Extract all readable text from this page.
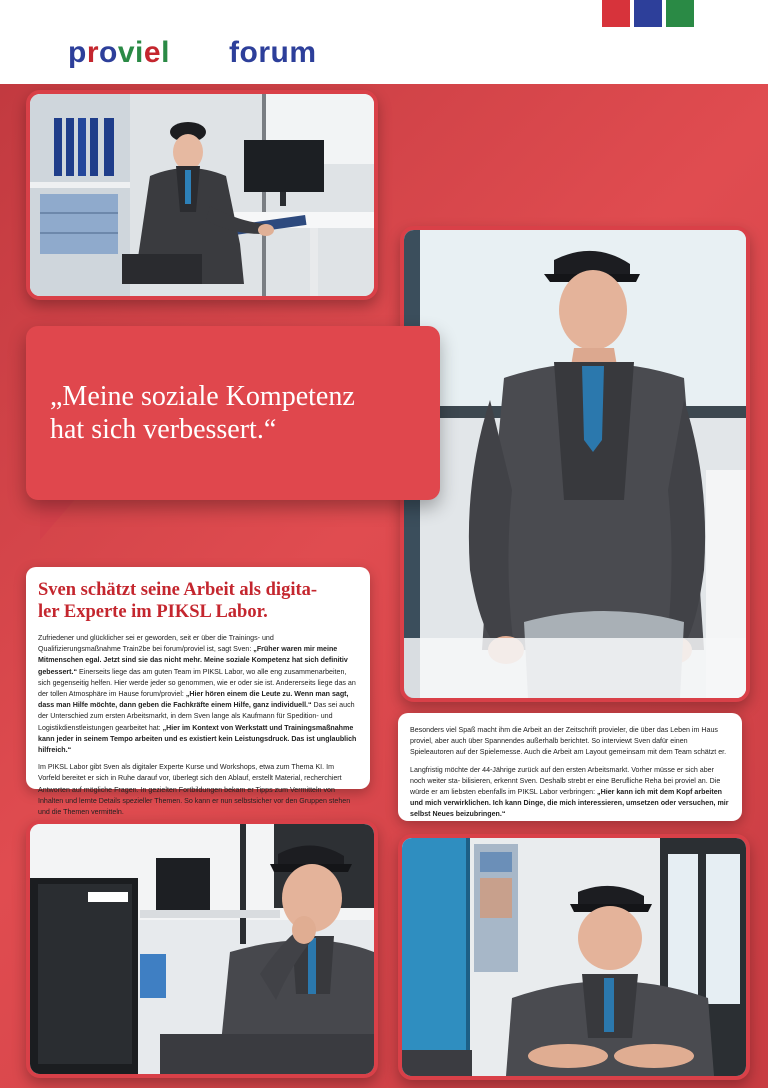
proviel forum
„Meine soziale Kompetenz
hat sich verbessert.“
Sven schätzt seine Arbeit als digita-
ler Experte im PIKSL Labor.

Zufriedener und glücklicher sei er geworden, seit er über die Trainings- und Qualifizierungsmaßnahme Train2be bei forum/proviel ist, sagt Sven: „Früher waren mir meine Mitmenschen egal. Jetzt sind sie das nicht mehr. Meine soziale Kompetenz hat sich definitiv gebessert.“ Einerseits liege das am guten Team im PIKSL Labor, wo alle eng zusammenarbeiten, sich gegenseitig helfen. Hier werde jeder so genommen, wie er oder sie ist. Andererseits liege das an der tollen Atmosphäre im Hause forum/proviel: „Hier hören einem die Leute zu. Wenn man sagt, dass man Hilfe möchte, dann geben die Fachkräfte einem Hilfe, ganz individuell.“ Das sei auch der Unterschied zum ersten Arbeitsmarkt, in dem Sven lange als Kaufmann für Spedition- und Logistikdienstleistungen gearbeitet hat: „Hier im Kontext von Werkstatt und Trainingsmaßnahme kann jeder in seinem Tempo arbeiten und es existiert kein Leistungsdruck. Das ist unglaublich hilfreich.“

Im PIKSL Labor gibt Sven als digitaler Experte Kurse und Workshops, etwa zum Thema KI. Im Vorfeld bereitet er sich in Ruhe darauf vor, überlegt sich den Ablauf, erstellt Material, recherchiert Antworten auf mögliche Fragen. In gezielten Fortbildungen bekam er Tipps zum Vermitteln von Inhalten und lernte Details spezieller Themen. So kann er nun selbstsicher vor den Gruppen stehen und die Themen vermitteln.

Besonders viel Spaß macht ihm die Arbeit an der Zeitschrift provieler, die über das Leben im Haus proviel, aber auch über Spannendes außerhalb berichtet. So interviewt Sven dafür einen Spieleautoren auf der Spielemesse. Auch die Arbeit am Layout gemeinsam mit dem Team schätzt er.

Langfristig möchte der 44-Jährige zurück auf den ersten Arbeitsmarkt. Vorher müsse er sich aber noch weiter sta- bilisieren, erkennt Sven. Deshalb strebt er eine Berufliche Reha bei proviel an. Die würde er am liebsten ebenfalls im PIKSL Labor verbringen: „Hier kann ich mit dem Kopf arbeiten und mich verwirklichen. Ich kann Dinge, die mich interessieren, umsetzen oder versuchen, mir selbst Neues beizubringen.“
